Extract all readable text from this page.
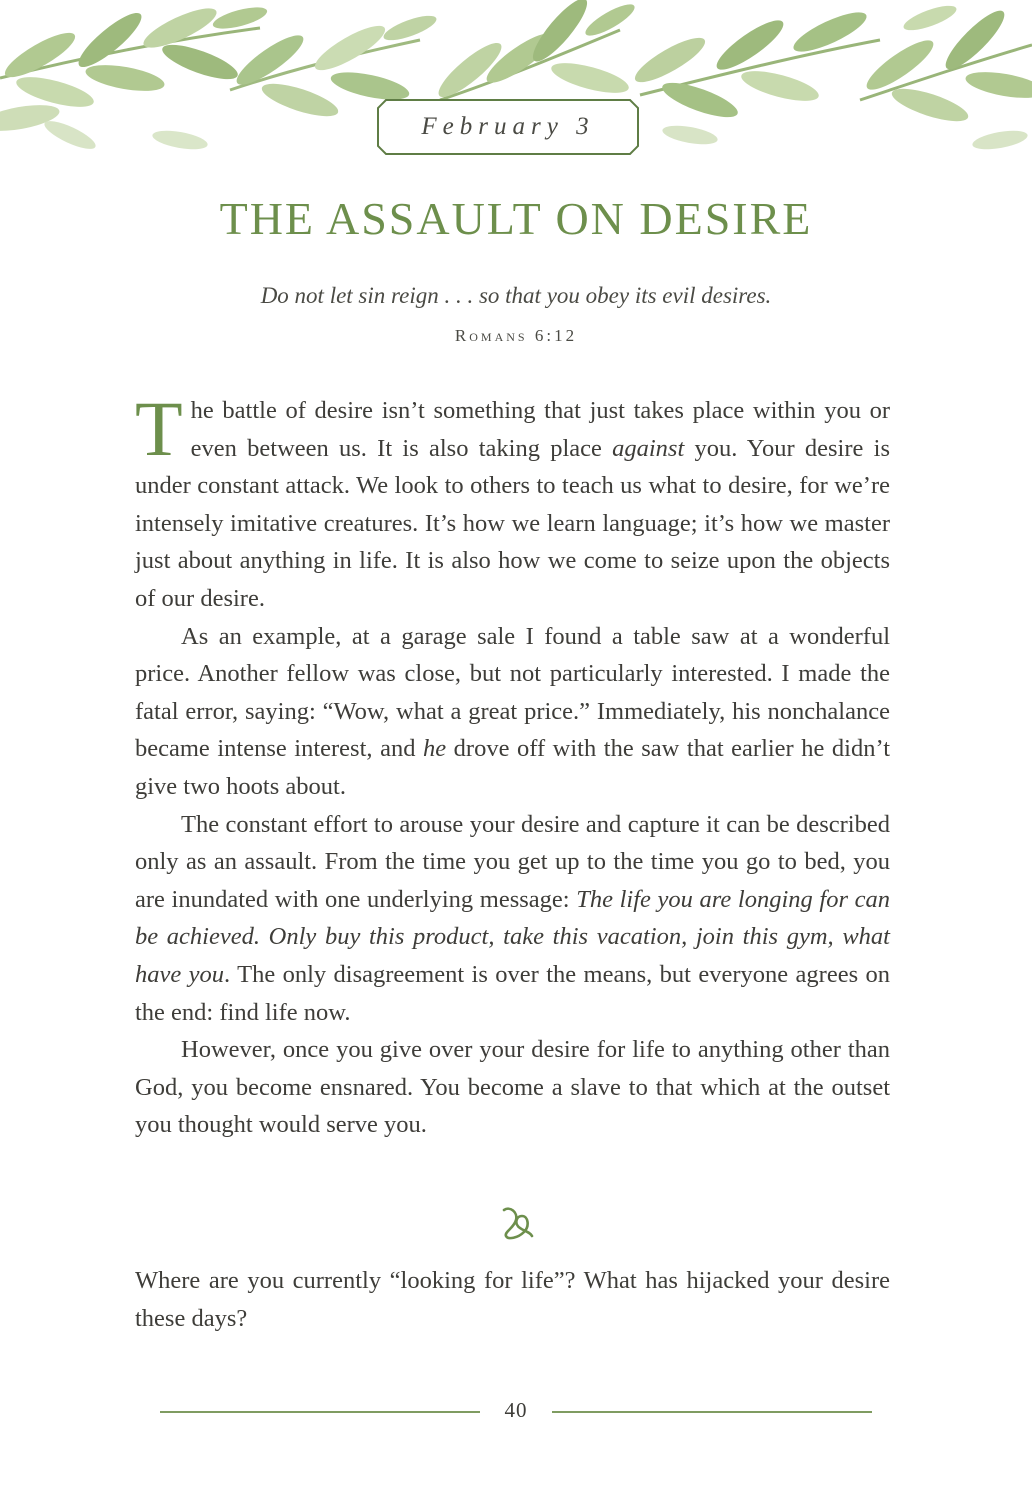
February 3
THE ASSAULT ON DESIRE
Do not let sin reign . . . so that you obey its evil desires.
Romans 6:12

The battle of desire isn’t something that just takes place within you or even between us. It is also taking place against you. Your desire is under constant attack. We look to others to teach us what to desire, for we’re intensely imitative creatures. It’s how we learn language; it’s how we master just about anything in life. It is also how we come to seize upon the objects of our desire.

As an example, at a garage sale I found a table saw at a wonderful price. Another fellow was close, but not particularly interested. I made the fatal error, saying: “Wow, what a great price.” Immediately, his nonchalance became intense interest, and he drove off with the saw that earlier he didn’t give two hoots about.

The constant effort to arouse your desire and capture it can be described only as an assault. From the time you get up to the time you go to bed, you are inundated with one underlying message: The life you are longing for can be achieved. Only buy this product, take this vacation, join this gym, what have you. The only disagreement is over the means, but everyone agrees on the end: find life now.

However, once you give over your desire for life to anything other than God, you become ensnared. You become a slave to that which at the outset you thought would serve you.

Where are you currently “looking for life”? What has hijacked your desire these days?
40
